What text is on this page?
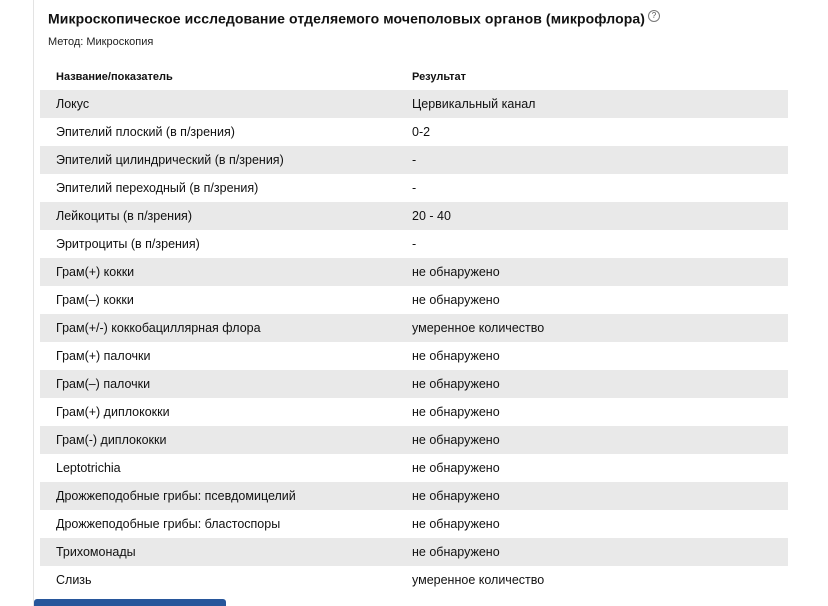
Микроскопическое исследование отделяемого мочеполовых органов (микрофлора) ?
Метод: Микроскопия
Название/показатель	Результат
Локус	Цервикальный канал
Эпителий плоский (в п/зрения)	0-2
Эпителий цилиндрический (в п/зрения)	-
Эпителий переходный (в п/зрения)	-
Лейкоциты (в п/зрения)	20 - 40
Эритроциты (в п/зрения)	-
Грам(+) кокки	не обнаружено
Грам(–) кокки	не обнаружено
Грам(+/-) коккобациллярная флора	умеренное количество
Грам(+) палочки	не обнаружено
Грам(–) палочки	не обнаружено
Грам(+) диплококки	не обнаружено
Грам(-) диплококки	не обнаружено
Leptotrichia	не обнаружено
Дрожжеподобные грибы: псевдомицелий	не обнаружено
Дрожжеподобные грибы: бластоспоры	не обнаружено
Трихомонады	не обнаружено
Слизь	умеренное количество
